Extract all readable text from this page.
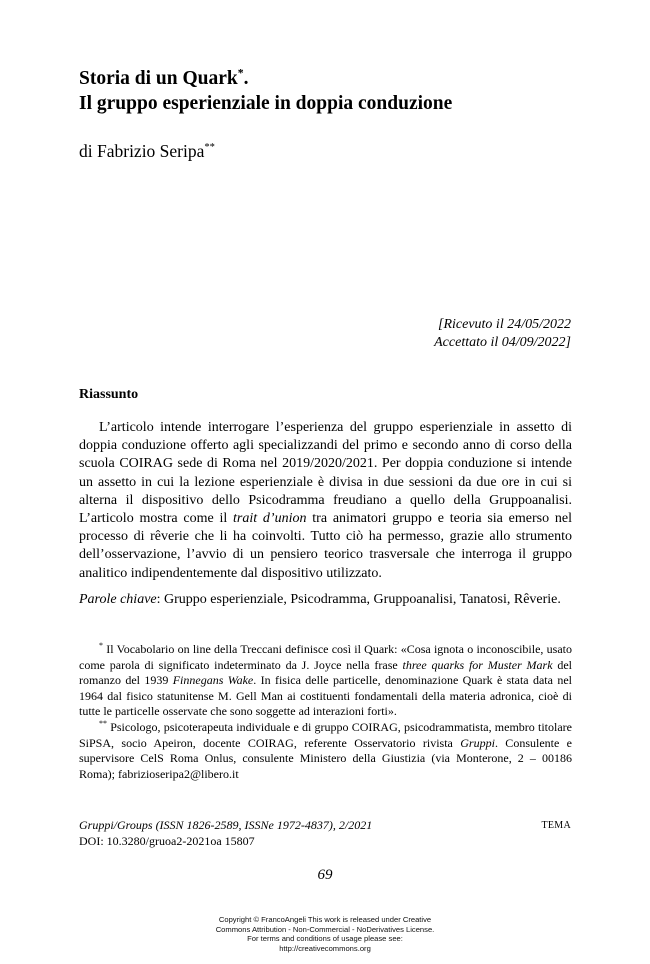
Storia di un Quark*.
Il gruppo esperienziale in doppia conduzione

di Fabrizio Seripa**

[Ricevuto il 24/05/2022
Accettato il 04/09/2022]
Riassunto

L’articolo intende interrogare l’esperienza del gruppo esperienziale in assetto di doppia conduzione offerto agli specializzandi del primo e secondo anno di corso della scuola COIRAG sede di Roma nel 2019/2020/2021. Per doppia conduzione si intende un assetto in cui la lezione esperienziale è divisa in due sessioni da due ore in cui si alterna il dispositivo dello Psicodramma freudiano a quello della Gruppoanalisi. L’articolo mostra come il trait d’union tra animatori gruppo e teoria sia emerso nel processo di rêverie che li ha coinvolti. Tutto ciò ha permesso, grazie allo strumento dell’osservazione, l’avvio di un pensiero teorico trasversale che interroga il gruppo analitico indipendentemente dal dispositivo utilizzato.

Parole chiave: Gruppo esperienziale, Psicodramma, Gruppoanalisi, Tanatosi, Rêverie.

* Il Vocabolario on line della Treccani definisce così il Quark: «Cosa ignota o inconoscibile, usato come parola di significato indeterminato da J. Joyce nella frase three quarks for Muster Mark del romanzo del 1939 Finnegans Wake. In fisica delle particelle, denominazione Quark è stata data nel 1964 dal fisico statunitense M. Gell Man ai costituenti fondamentali della materia adronica, cioè di tutte le particelle osservate che sono soggette ad interazioni forti».

** Psicologo, psicoterapeuta individuale e di gruppo COIRAG, psicodrammatista, membro titolare SiPSA, socio Apeiron, docente COIRAG, referente Osservatorio rivista Gruppi. Consulente e supervisore CelS Roma Onlus, consulente Ministero della Giustizia (via Monterone, 2 – 00186 Roma); fabrizioseripa2@libero.it

Gruppi/Groups (ISSN 1826-2589, ISSNe 1972-4837), 2/2021
DOI: 10.3280/gruoa2-2021oa 15807
TEMA
69
Copyright © FrancoAngeli This work is released under Creative
Commons Attribution - Non-Commercial - NoDerivatives License.
For terms and conditions of usage please see:
http://creativecommons.org
